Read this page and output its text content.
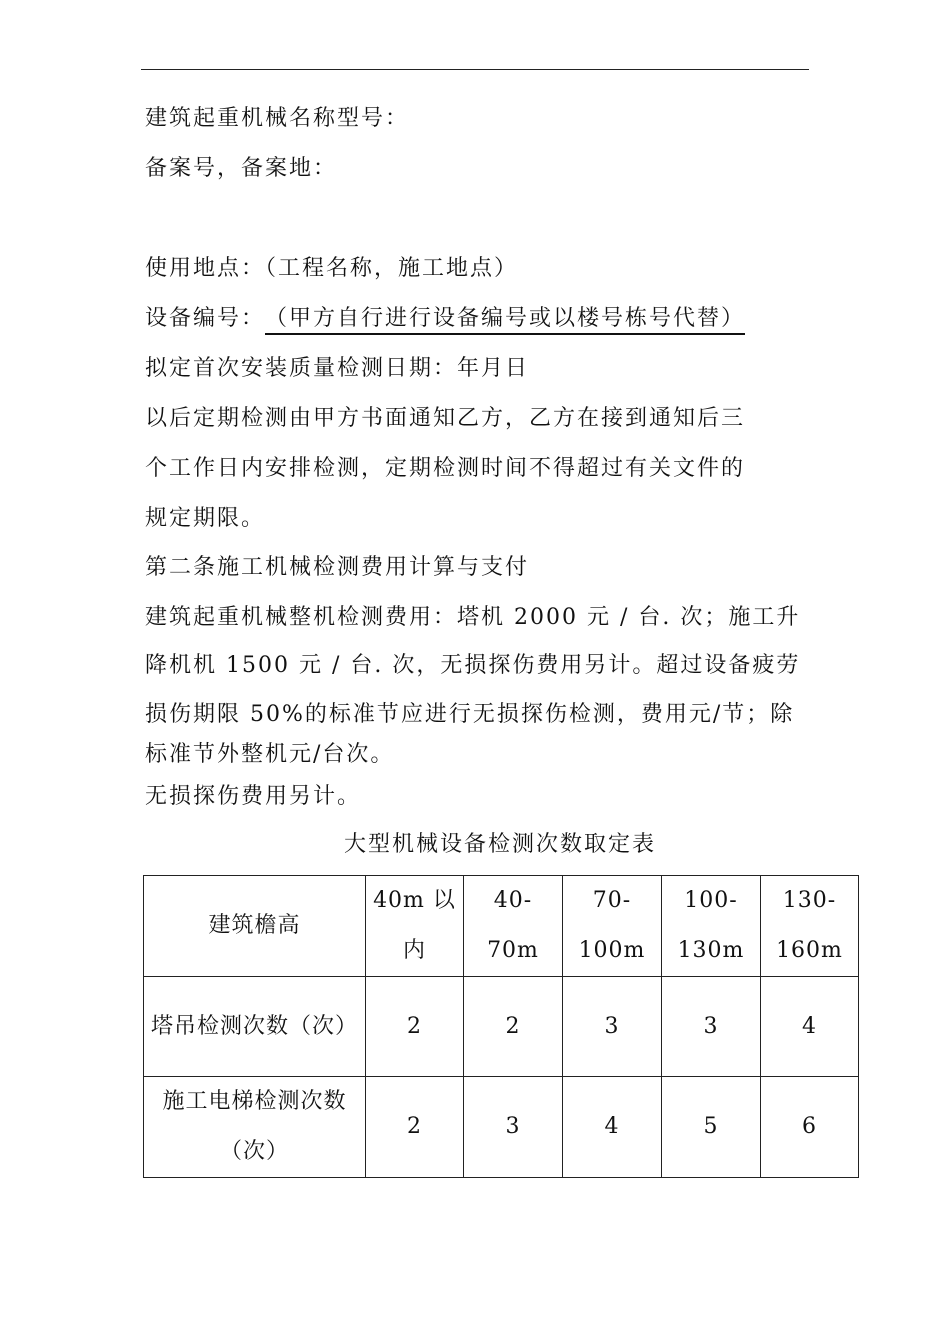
建筑起重机械名称型号：
备案号，备案地：
使用地点：（工程名称，施工地点）
设备编号：（甲方自行进行设备编号或以楼号栋号代替）
拟定首次安装质量检测日期：年月日
以后定期检测由甲方书面通知乙方，乙方在接到通知后三
个工作日内安排检测，定期检测时间不得超过有关文件的
规定期限。
第二条施工机械检测费用计算与支付
建筑起重机械整机检测费用：塔机 2000 元 / 台. 次；施工升
降机机 1500 元 / 台. 次，无损探伤费用另计。超过设备疲劳
损伤期限 50%的标准节应进行无损探伤检测，费用元/节；除
标准节外整机元/台次。
无损探伤费用另计。
大型机械设备检测次数取定表
建筑檐高	40m 以内	40-70m	70-100m	100-130m	130-160m
塔吊检测次数（次）	2	2	3	3	4
施工电梯检测次数（次）	2	3	4	5	6
